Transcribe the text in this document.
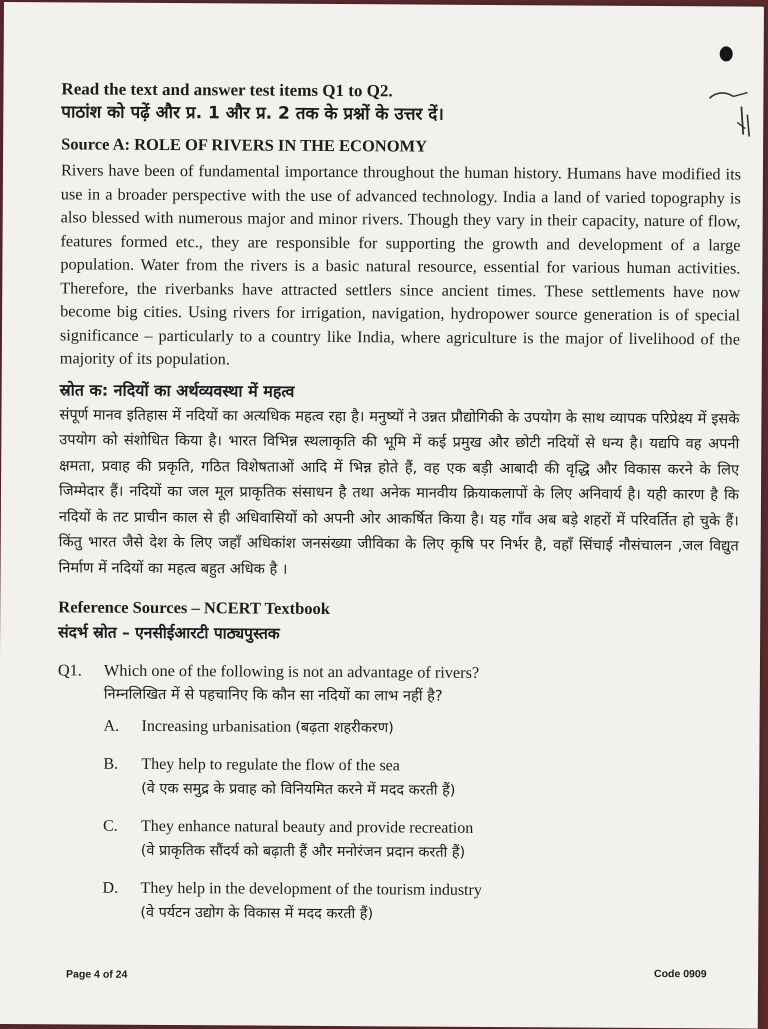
Read the text and answer test items Q1 to Q2.
पाठांश को पढ़ें और प्र. 1 और प्र. 2 तक के प्रश्नों के उत्तर दें।
Source A: ROLE OF RIVERS IN THE ECONOMY
Rivers have been of fundamental importance throughout the human history. Humans have modified its use in a broader perspective with the use of advanced technology. India a land of varied topography is also blessed with numerous major and minor rivers. Though they vary in their capacity, nature of flow, features formed etc., they are responsible for supporting the growth and development of a large population. Water from the rivers is a basic natural resource, essential for various human activities. Therefore, the riverbanks have attracted settlers since ancient times. These settlements have now become big cities. Using rivers for irrigation, navigation, hydropower source generation is of special significance – particularly to a country like India, where agriculture is the major of livelihood of the majority of its population.
स्रोत क: नदियों का अर्थव्यवस्था में महत्व
संपूर्ण मानव इतिहास में नदियों का अत्यधिक महत्व रहा है। मनुष्यों ने उन्नत प्रौद्योगिकी के उपयोग के साथ व्यापक परिप्रेक्ष्य में इसके उपयोग को संशोधित किया है। भारत विभिन्न स्थलाकृति की भूमि में कई प्रमुख और छोटी नदियों से धन्य है। यद्यपि वह अपनी क्षमता, प्रवाह की प्रकृति, गठित विशेषताओं आदि में भिन्न होते हैं, वह एक बड़ी आबादी की वृद्धि और विकास करने के लिए जिम्मेदार हैं। नदियों का जल मूल प्राकृतिक संसाधन है तथा अनेक मानवीय क्रियाकलापों के लिए अनिवार्य है। यही कारण है कि नदियों के तट प्राचीन काल से ही अधिवासियों को अपनी ओर आकर्षित किया है। यह गाँव अब बड़े शहरों में परिवर्तित हो चुके हैं। किंतु भारत जैसे देश के लिए जहाँ अधिकांश जनसंख्या जीविका के लिए कृषि पर निर्भर है, वहाँ सिंचाई नौसंचालन ,जल विद्युत निर्माण में नदियों का महत्व बहुत अधिक है ।
Reference Sources – NCERT Textbook
संदर्भ स्रोत – एनसीईआरटी पाठ्यपुस्तक
Q1.	Which one of the following is not an advantage of rivers?
निम्नलिखित में से पहचानिए कि कौन सा नदियों का लाभ नहीं है?
A.	Increasing urbanisation (बढ़ता शहरीकरण)
B.	They help to regulate the flow of the sea
(वे एक समुद्र के प्रवाह को विनियमित करने में मदद करती हैं)
C.	They enhance natural beauty and provide recreation
(वे प्राकृतिक सौंदर्य को बढ़ाती हैं और मनोरंजन प्रदान करती हैं)
D.	They help in the development of the tourism industry
(वे पर्यटन उद्योग के विकास में मदद करती हैं)
Page 4 of 24	Code 0909
